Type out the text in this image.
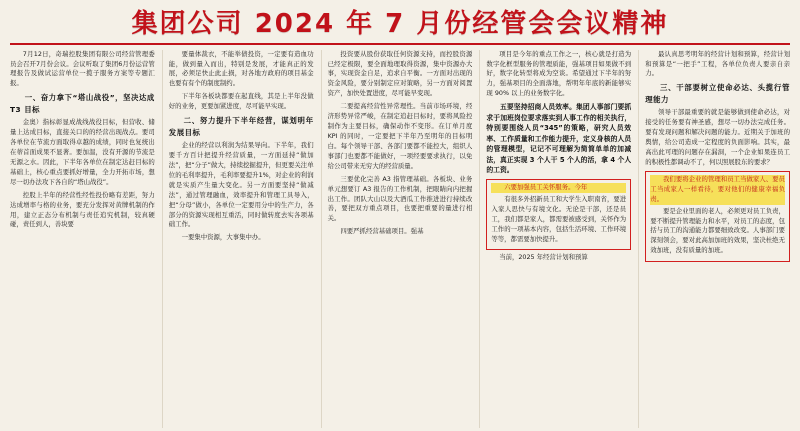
集团公司 2024 年 7 月份经管会会议精神

7月12日，奇瑞控股集团有限公司经营管理委员会召开7月份会议。会议听取了集团6月份运营管理报告及做试运营单位一揽子服务方案等专题汇报。

一、奋力拿下“塔山战役”，坚决达成 T3 目标

金奥）指标彰显成战线战役目标，但营收、储量上达成目标，直接关口的的经营出现战点。要司各单位在节流方面取得卓越的成绩，同时也复统出在蒂首面成果不显著。要加温，没有开源的节流是无源之水。因此，下半年各单位在制定达赶目标的基础上，核心重点要抓好增量，全力开拓市场，想尽一切办法攻下各自的“塔山战役”。

控股上半年的经营性经性投份略有差距，努力达成增率与格的业务，要充分发挥对黄牌机制的作用，建立正态分布机制与责任追究机制，较真硬碰，责任到人，善块要

要量体裁衣，不能举债投资，一定要有造血功能，做到量入而出，特别是发展，才能真正的发展，必须足快止此止损，对各地方政府的项目基金也要有有个的制度制约。

下半年各板块都要在起直线，其是上半年没做好的业务，更要加紧进度，尽可能早实现。

二、努力提升下半年经营，谋划明年发展目标

企业的经营以利润为结果导向。下半年，我们要千方百计把提升经营质量，一方面延持“做加法”，把“分子”做大，持续挖掘提升，但更要关注单位的毛利率提升，毛利率要提升1%，对企业的利润就是实质产生量大变化。另一方面要坚持“做减法”，通过管理融血，效率提升和管理工具导入，把“分母”做小，各单位一定要用分中的生产力，各部分的资源实现相互重活，同时做转度去实各项基础工作。

一要集中资源，大事集中办。

投资要从股份获取任何资源支持，而控股资源已经定极限，要全面地理取得资源，集中资源办大事，实现资金自足，追求自平衡。一方面对出现的资金风险，要分别制定应对策略，另一方面对阅置资产，加快处置进度，尽可能早变现。

二要提高经营性异常理性。当前市场环境，经济形势异常严峻，在制定追赶目标时，要将风险控制作为主要目标，确保动作不变形。在订单月度 KPI 的同时，一定要把下半年乃至明年的目标明白。每个领导干部、各部门要都不能控大，组织人事部门也要都不能做好，一项经要要求执行，以免给公司带来无穷大的经营质量。

三要优化完善 A3 指管理基础。各板块、业务单元想要订 A3 报告的工作机制，把眼睛向内把握出工作。团队大山以及大酒瓜工作推进进行持续改善，要把双方重点项目，也要把重要的量进行相关。

四要严抓经营基础项目。强基

项目是今年的重点工作之一，核心就是打造为数字化框型服务的管理质能，强基项目如果做不到好，数字化转型将成为空谈。希望通过下半年的努力，强基项目的全面落地，帮明年年底的新能够实现 90% 以上的业务数字化。

五要坚持招商人员效率。集团人事部门要抓求于加班岗位要求落实到人事工作的相关执行，特别要围绕人员“345”的策略，研究人员效率、工作质量和工作能力提升，定义身核的人员的管理模型，记记不可理解为简简单单的加减法，真正实现 3 个人干 5 个人的活，拿 4 个人的工资。

六要加强员工关怀服务。今年

有很多外招新员工和大学生入职南省，要进入家人思快与有境文化。无论是干部，还是员工，我们都是家人，都需要被感受到，关怀作为工作的一项基本内容，包括生活环境、工作环境等等，都需要加快提升。

当前，2025 年经营计划和预算

最认真思考明年的经营计划和预算，经营计划和预算是“一把手”工程，各单位负责人要亲自亲力。

三、干部要树立使命必达、头揽行管理能力

领导干部最重要的就是能够做到使命必达，对接受的任务要有神圣感，想尽一切办法完成任务。要有发现问题和解决问题的能力。近期关于加班的舆情，给公司造成一定程度的负面影响。其实，最高出此可理的问题存在漏洞，一个企业如果连员工的积极性都调动不了，何以照展股东的要求？

我们要将企业的管理和员工当做家人、要员工当成家人一样看待，要对他们的健康幸福负责。

要是企业里面的老人，必须更对员工负责，要不断提升管理能力和水平，对员工的态度，包括与员工的沟通能力都要细致改变。人事部门要深刻领会，要对此高加加班的效果，坚决杜绝无效加班，没有质量的加班。
